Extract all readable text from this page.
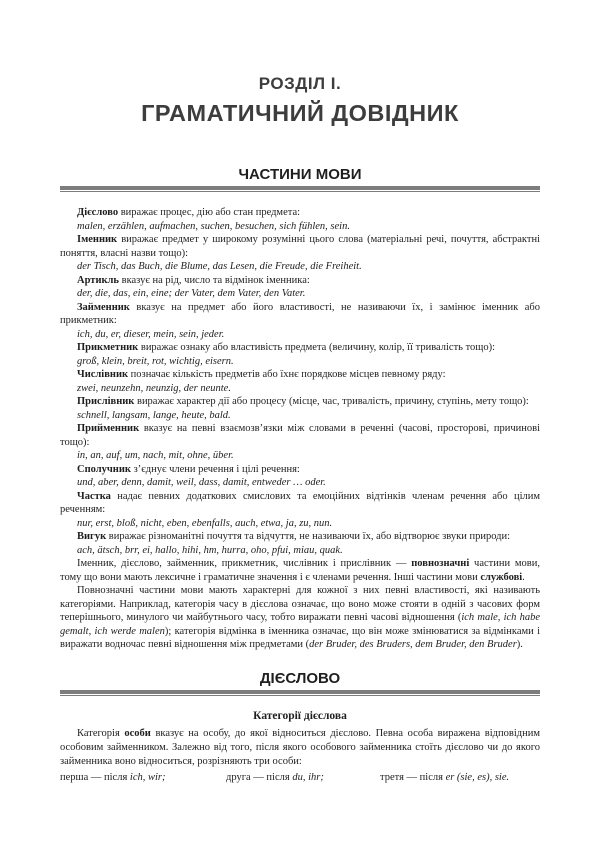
РОЗДІЛ І.
ГРАМАТИЧНИЙ ДОВІДНИК
ЧАСТИНИ МОВИ

Дієслово виражає процес, дію або стан предмета:

malen, erzählen, aufmachen, suchen, besuchen, sich fühlen, sein.

Іменник виражає предмет у широкому розумінні цього слова (матеріальні речі, почуття, абстрактні поняття, власні назви тощо):

der Tisch, das Buch, die Blume, das Lesen, die Freude, die Freiheit.

Артикль вказує на рід, число та відмінок іменника:

der, die, das, ein, eine; der Vater, dem Vater, den Vater.

Займенник вказує на предмет або його властивості, не називаючи їх, і замінює іменник або прикметник:

ich, du, er, dieser, mein, sein, jeder.

Прикметник виражає ознаку або властивість предмета (величину, колір, її тривалість тощо):

groß, klein, breit, rot, wichtig, eisern.

Числівник позначає кількість предметів або їхнє порядкове місцев певному ряду:

zwei, neunzehn, neunzig, der neunte.

Прислівник виражає характер дії або процесу (місце, час, тривалість, причину, ступінь, мету тощо):

schnell, langsam, lange, heute, bald.

Прийменник вказує на певні взаємозв’язки між словами в реченні (часові, просторові, причинові тощо):

in, an, auf, um, nach, mit, ohne, über.

Сполучник з’єднує члени речення і цілі речення:

und, aber, denn, damit, weil, dass, damit, entweder … oder.

Частка надає певних додаткових смислових та емоційних відтінків членам речення або цілим реченням:

nur, erst, bloß, nicht, eben, ebenfalls, auch, etwa, ja, zu, nun.

Вигук виражає різноманітні почуття та відчуття, не називаючи їх, або відтворює звуки природи:

ach, ätsch, brr, ei, hallo, hihi, hm, hurra, oho, pfui, miau, quak.

Іменник, дієслово, займенник, прикметник, числівник і прислівник — повнозначні частини мови, тому що вони мають лексичне і граматичне значення і є членами речення. Інші частини мови службові.

Повнозначні частини мови мають характерні для кожної з них певні властивості, які називають категоріями. Наприклад, категорія часу в дієслова означає, що воно може стояти в одній з часових форм теперішнього, минулого чи майбутнього часу, тобто виражати певні часові відношення (ich male, ich habe gemalt, ich werde malen); категорія відмінка в іменника означає, що він може змінюватися за відмінками і виражати водночас певні відношення між предметами (der Bruder, des Bruders, dem Bruder, den Bruder).

ДІЄСЛОВО
Категорії дієслова

Категорія особи вказує на особу, до якої відноситься дієслово. Певна особа виражена відповідним особовим займенником. Залежно від того, після якого особового займенника стоїть дієслово чи до якого займенника воно відноситься, розрізняють три особи:

перша — після ich, wir;	друга — після du, ihr;	третя — після er (sie, es), sie.
